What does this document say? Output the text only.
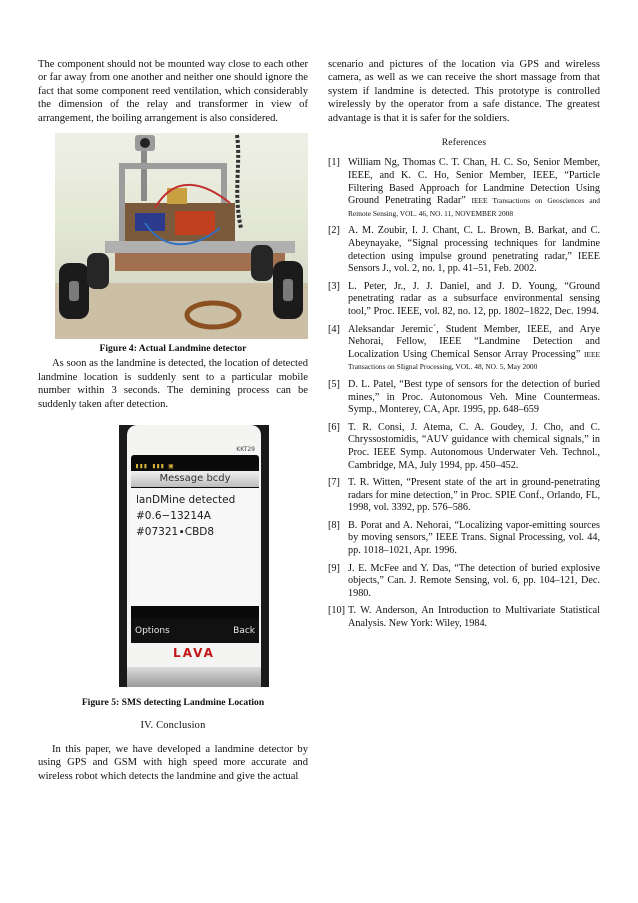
The component should not be mounted way close to each other or far away from one another and neither one should ignore the fact that some component reed ventilation, which considerably the dimension of the relay and transformer in view of arrangement, the boiling arrangement is also considered.

Figure 4: Actual Landmine detector

As soon as the landmine is detected, the location of detected landmine location is suddenly sent to a particular mobile number within 3 seconds. The demining process can be suddenly taken after detection.

KKT29
▮▮▮ ▮▮▮ ▣
Message bcdy
lanDMine detected
#0.6−13214A
#07321∙CBD8
Options	Back
LAVA
Figure 5: SMS detecting Landmine Location
IV. Conclusion

In this paper, we have developed a landmine detector by using GPS and GSM with high speed more accurate and wireless robot which detects the landmine and give the actual

scenario and pictures of the location via GPS and wireless camera, as well as we can receive the short massage from that system if landmine is detected. This prototype is controlled wirelessly by the operator from a safe distance. The greatest advantage is that it is safer for the soldiers.

References
[1] William Ng, Thomas C. T. Chan, H. C. So, Senior Member, IEEE, and K. C. Ho, Senior Member, IEEE, “Particle Filtering Based Approach for Landmine Detection Using Ground Penetrating Radar” IEEE Transactions on Geosciences and Remote Sensing, VOL. 46, NO. 11, NOVEMBER 2008
[2] A. M. Zoubir, I. J. Chant, C. L. Brown, B. Barkat, and C. Abeynayake, “Signal processing techniques for landmine detection using impulse ground penetrating radar,” IEEE Sensors J., vol. 2, no. 1, pp. 41–51, Feb. 2002.
[3] L. Peter, Jr., J. J. Daniel, and J. D. Young, “Ground penetrating radar as a subsurface environmental sensing tool,” Proc. IEEE, vol. 82, no. 12, pp. 1802–1822, Dec. 1994.
[4] Aleksandar Jeremic´, Student Member, IEEE, and Arye Nehorai, Fellow, IEEE “Landmine Detection and Localization Using Chemical Sensor Array Processing” IEEE Transactions on SIignal Processing, VOL. 48, NO. 5, May 2000
[5] D. L. Patel, “Best type of sensors for the detection of buried mines,” in Proc. Autonomous Veh. Mine Countermeas. Symp., Monterey, CA, Apr. 1995, pp. 648–659
[6] T. R. Consi, J. Atema, C. A. Goudey, J. Cho, and C. Chryssostomidis, “AUV guidance with chemical signals,” in Proc. IEEE Symp. Autonomous Underwater Veh. Technol., Cambridge, MA, July 1994, pp. 450–452.
[7] T. R. Witten, “Present state of the art in ground-penetrating radars for mine detection,” in Proc. SPIE Conf., Orlando, FL, 1998, vol. 3392, pp. 576–586.
[8] B. Porat and A. Nehorai, “Localizing vapor-emitting sources by moving sensors,” IEEE Trans. Signal Processing, vol. 44, pp. 1018–1021, Apr. 1996.
[9] J. E. McFee and Y. Das, “The detection of buried explosive objects,” Can. J. Remote Sensing, vol. 6, pp. 104–121, Dec. 1980.
[10] T. W. Anderson, An Introduction to Multivariate Statistical Analysis. New York: Wiley, 1984.
